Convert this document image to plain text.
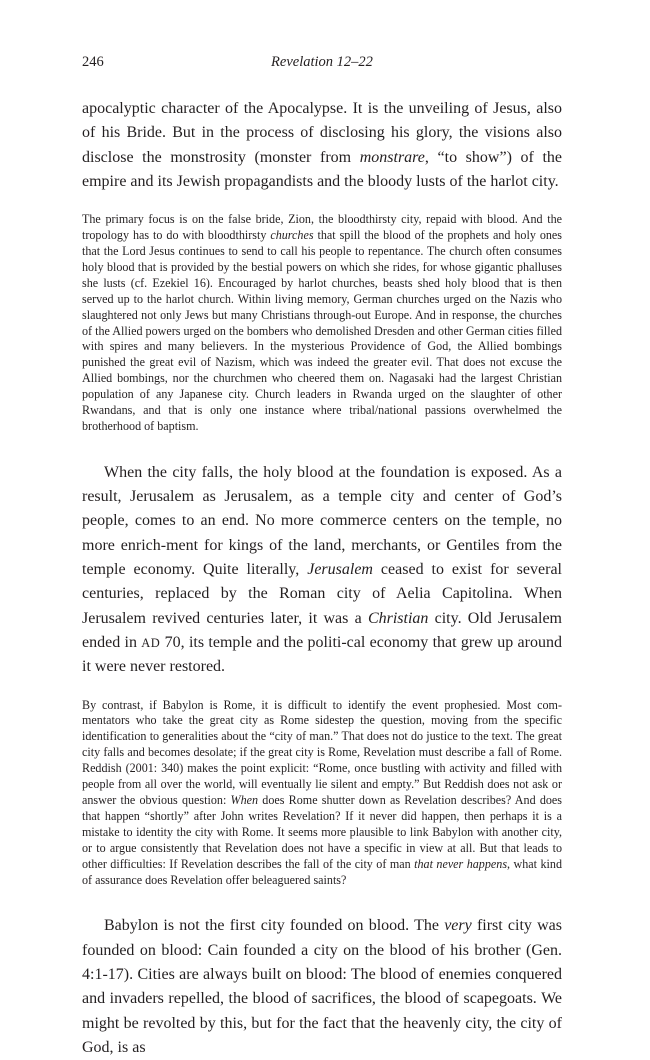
246	Revelation 12–22

apocalyptic character of the Apocalypse. It is the unveiling of Jesus, also of his Bride. But in the process of disclosing his glory, the visions also disclose the monstrosity (monster from monstrare, “to show”) of the empire and its Jewish propagandists and the bloody lusts of the harlot city.

The primary focus is on the false bride, Zion, the bloodthirsty city, repaid with blood. And the tropology has to do with bloodthirsty churches that spill the blood of the prophets and holy ones that the Lord Jesus continues to send to call his people to repentance. The church often consumes holy blood that is provided by the bestial powers on which she rides, for whose gigantic phalluses she lusts (cf. Ezekiel 16). Encouraged by harlot churches, beasts shed holy blood that is then served up to the harlot church. Within living memory, German churches urged on the Nazis who slaughtered not only Jews but many Christians through-out Europe. And in response, the churches of the Allied powers urged on the bombers who demolished Dresden and other German cities filled with spires and many believers. In the mysterious Providence of God, the Allied bombings punished the great evil of Nazism, which was indeed the greater evil. That does not excuse the Allied bombings, nor the churchmen who cheered them on. Nagasaki had the largest Christian population of any Japanese city. Church leaders in Rwanda urged on the slaughter of other Rwandans, and that is only one instance where tribal/national passions overwhelmed the brotherhood of baptism.

When the city falls, the holy blood at the foundation is exposed. As a result, Jerusalem as Jerusalem, as a temple city and center of God’s people, comes to an end. No more commerce centers on the temple, no more enrich-ment for kings of the land, merchants, or Gentiles from the temple economy. Quite literally, Jerusalem ceased to exist for several centuries, replaced by the Roman city of Aelia Capitolina. When Jerusalem revived centuries later, it was a Christian city. Old Jerusalem ended in AD 70, its temple and the politi-cal economy that grew up around it were never restored.

By contrast, if Babylon is Rome, it is difficult to identify the event prophesied. Most com-mentators who take the great city as Rome sidestep the question, moving from the specific identification to generalities about the “city of man.” That does not do justice to the text. The great city falls and becomes desolate; if the great city is Rome, Revelation must describe a fall of Rome. Reddish (2001: 340) makes the point explicit: “Rome, once bustling with activity and filled with people from all over the world, will eventually lie silent and empty.” But Reddish does not ask or answer the obvious question: When does Rome shutter down as Revelation describes? And does that happen “shortly” after John writes Revelation? If it never did happen, then perhaps it is a mistake to identity the city with Rome. It seems more plausible to link Babylon with another city, or to argue consistently that Revelation does not have a specific in view at all. But that leads to other difficulties: If Revelation describes the fall of the city of man that never happens, what kind of assurance does Revelation offer beleaguered saints?

Babylon is not the first city founded on blood. The very first city was founded on blood: Cain founded a city on the blood of his brother (Gen. 4:1-17). Cities are always built on blood: The blood of enemies conquered and invaders repelled, the blood of sacrifices, the blood of scapegoats. We might be revolted by this, but for the fact that the heavenly city, the city of God, is as
